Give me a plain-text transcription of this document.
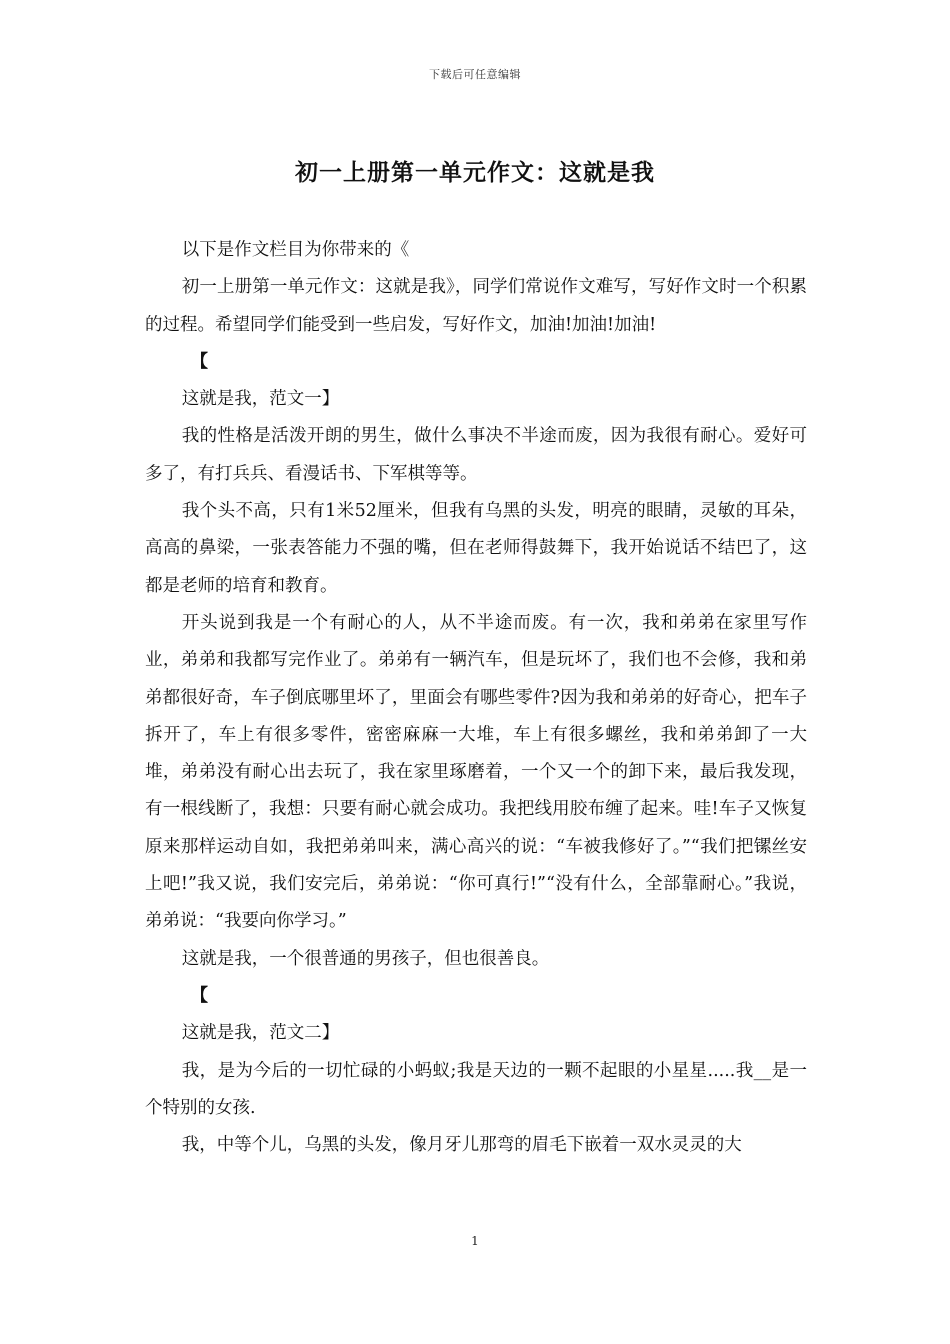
下载后可任意编辑
初一上册第一单元作文：这就是我

以下是作文栏目为你带来的《

初一上册第一单元作文：这就是我》，同学们常说作文难写，写好作文时一个积累的过程。希望同学们能受到一些启发，写好作文，加油!加油!加油!

【

这就是我，范文一】

我的性格是活泼开朗的男生，做什么事决不半途而废，因为我很有耐心。爱好可多了，有打兵兵、看漫话书、下军棋等等。

我个头不高，只有1米52厘米，但我有乌黑的头发，明亮的眼睛，灵敏的耳朵，高高的鼻梁，一张表答能力不强的嘴，但在老师得鼓舞下，我开始说话不结巴了，这都是老师的培育和教育。

开头说到我是一个有耐心的人，从不半途而废。有一次，我和弟弟在家里写作业，弟弟和我都写完作业了。弟弟有一辆汽车，但是玩坏了，我们也不会修，我和弟弟都很好奇，车子倒底哪里坏了，里面会有哪些零件?因为我和弟弟的好奇心，把车子拆开了，车上有很多零件，密密麻麻一大堆，车上有很多螺丝，我和弟弟卸了一大堆，弟弟没有耐心出去玩了，我在家里琢磨着，一个又一个的卸下来，最后我发现，有一根线断了，我想：只要有耐心就会成功。我把线用胶布缠了起来。哇!车子又恢复原来那样运动自如，我把弟弟叫来，满心高兴的说：“车被我修好了。”“我们把镙丝安上吧!”我又说，我们安完后，弟弟说：“你可真行!”“没有什么，全部靠耐心。”我说，弟弟说：“我要向你学习。”

这就是我，一个很普通的男孩子，但也很善良。

【

这就是我，范文二】

我，是为今后的一切忙碌的小蚂蚁;我是天边的一颗不起眼的小星星.....我__是一个特别的女孩.

我，中等个儿，乌黑的头发，像月牙儿那弯的眉毛下嵌着一双水灵灵的大

1
